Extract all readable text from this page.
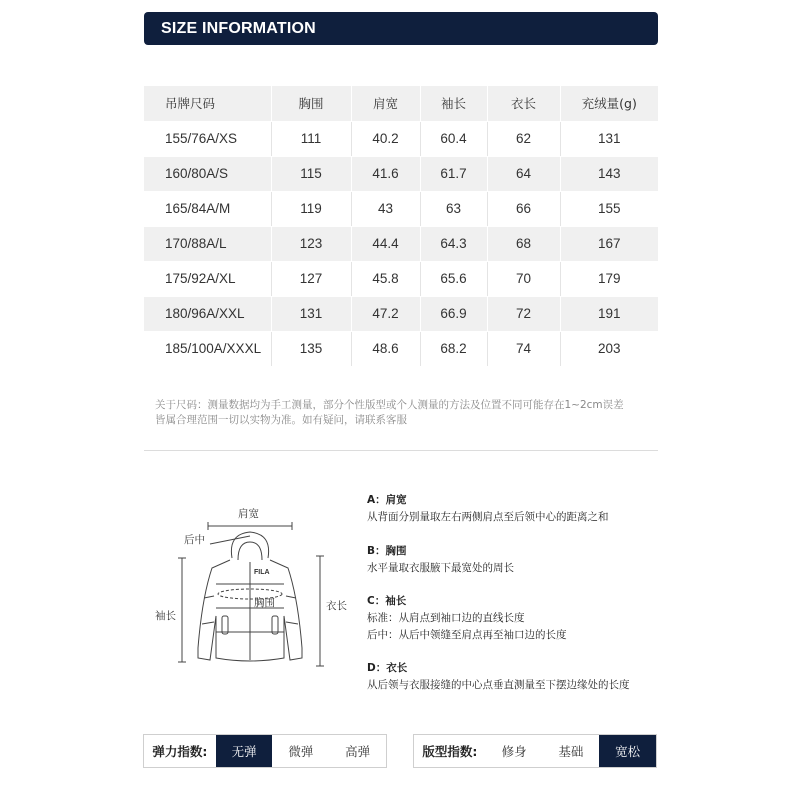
SIZE INFORMATION
吊牌尺码	胸围	肩宽	袖长	衣长	充绒量(g)
155/76A/XS	111	40.2	60.4	62	131
160/80A/S	115	41.6	61.7	64	143
165/84A/M	119	43	63	66	155
170/88A/L	123	44.4	64.3	68	167
175/92A/XL	127	45.8	65.6	70	179
180/96A/XXL	131	47.2	66.9	72	191
185/100A/XXXL	135	48.6	68.2	74	203
关于尺码：测量数据均为手工测量，部分个性版型或个人测量的方法及位置不同可能存在1~2cm误差
皆属合理范围一切以实物为准。如有疑问，请联系客服
肩宽
后中
FILA
胸围
袖长
衣长
A：肩宽
从背面分别量取左右两侧肩点至后领中心的距离之和
B：胸围
水平量取衣服腋下最宽处的周长
C：袖长
标准：从肩点到袖口边的直线长度
后中：从后中领缝至肩点再至袖口边的长度
D：衣长
从后领与衣服接缝的中心点垂直测量至下摆边缘处的长度
弹力指数:	无弹	微弹	高弹	版型指数:	修身	基础	宽松
